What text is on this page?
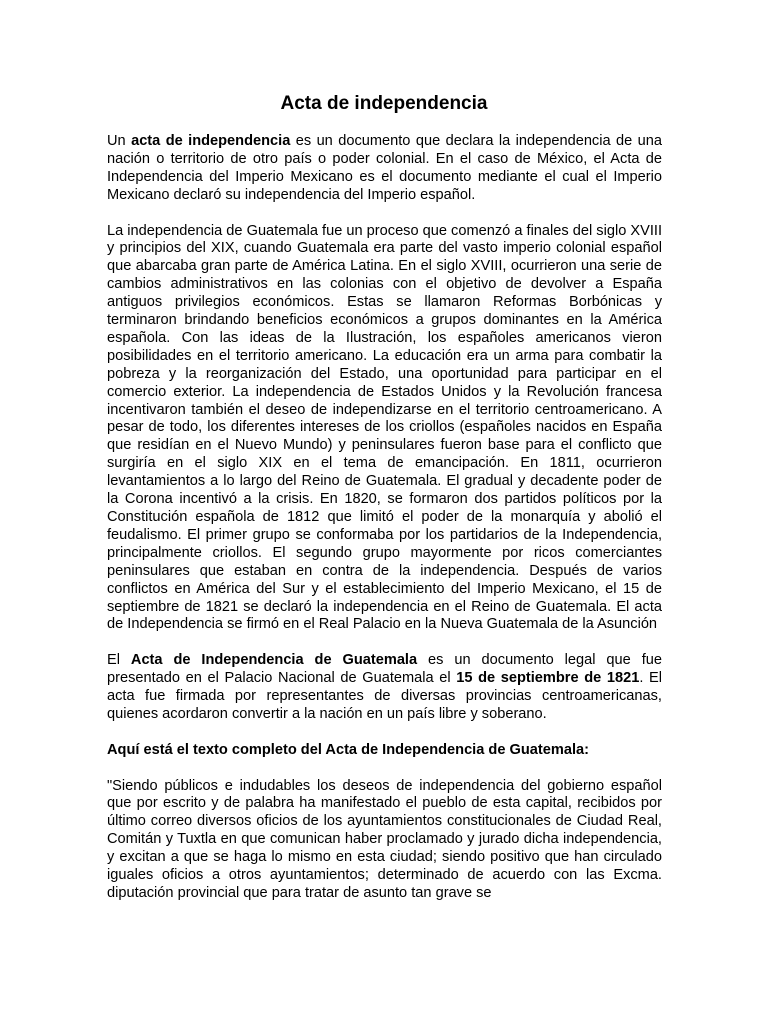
Acta de independencia

Un acta de independencia es un documento que declara la independencia de una nación o territorio de otro país o poder colonial. En el caso de México, el Acta de Independencia del Imperio Mexicano es el documento mediante el cual el Imperio Mexicano declaró su independencia del Imperio español.

La independencia de Guatemala fue un proceso que comenzó a finales del siglo XVIII y principios del XIX, cuando Guatemala era parte del vasto imperio colonial español que abarcaba gran parte de América Latina. En el siglo XVIII, ocurrieron una serie de cambios administrativos en las colonias con el objetivo de devolver a España antiguos privilegios económicos. Estas se llamaron Reformas Borbónicas y terminaron brindando beneficios económicos a grupos dominantes en la América española. Con las ideas de la Ilustración, los españoles americanos vieron posibilidades en el territorio americano. La educación era un arma para combatir la pobreza y la reorganización del Estado, una oportunidad para participar en el comercio exterior. La independencia de Estados Unidos y la Revolución francesa incentivaron también el deseo de independizarse en el territorio centroamericano. A pesar de todo, los diferentes intereses de los criollos (españoles nacidos en España que residían en el Nuevo Mundo) y peninsulares fueron base para el conflicto que surgiría en el siglo XIX en el tema de emancipación. En 1811, ocurrieron levantamientos a lo largo del Reino de Guatemala. El gradual y decadente poder de la Corona incentivó a la crisis. En 1820, se formaron dos partidos políticos por la Constitución española de 1812 que limitó el poder de la monarquía y abolió el feudalismo. El primer grupo se conformaba por los partidarios de la Independencia, principalmente criollos. El segundo grupo mayormente por ricos comerciantes peninsulares que estaban en contra de la independencia. Después de varios conflictos en América del Sur y el establecimiento del Imperio Mexicano, el 15 de septiembre de 1821 se declaró la independencia en el Reino de Guatemala. El acta de Independencia se firmó en el Real Palacio en la Nueva Guatemala de la Asunción

El Acta de Independencia de Guatemala es un documento legal que fue presentado en el Palacio Nacional de Guatemala el 15 de septiembre de 1821. El acta fue firmada por representantes de diversas provincias centroamericanas, quienes acordaron convertir a la nación en un país libre y soberano.

Aquí está el texto completo del Acta de Independencia de Guatemala:

"Siendo públicos e indudables los deseos de independencia del gobierno español que por escrito y de palabra ha manifestado el pueblo de esta capital, recibidos por último correo diversos oficios de los ayuntamientos constitucionales de Ciudad Real, Comitán y Tuxtla en que comunican haber proclamado y jurado dicha independencia, y excitan a que se haga lo mismo en esta ciudad; siendo positivo que han circulado iguales oficios a otros ayuntamientos; determinado de acuerdo con las Excma. diputación provincial que para tratar de asunto tan grave se
